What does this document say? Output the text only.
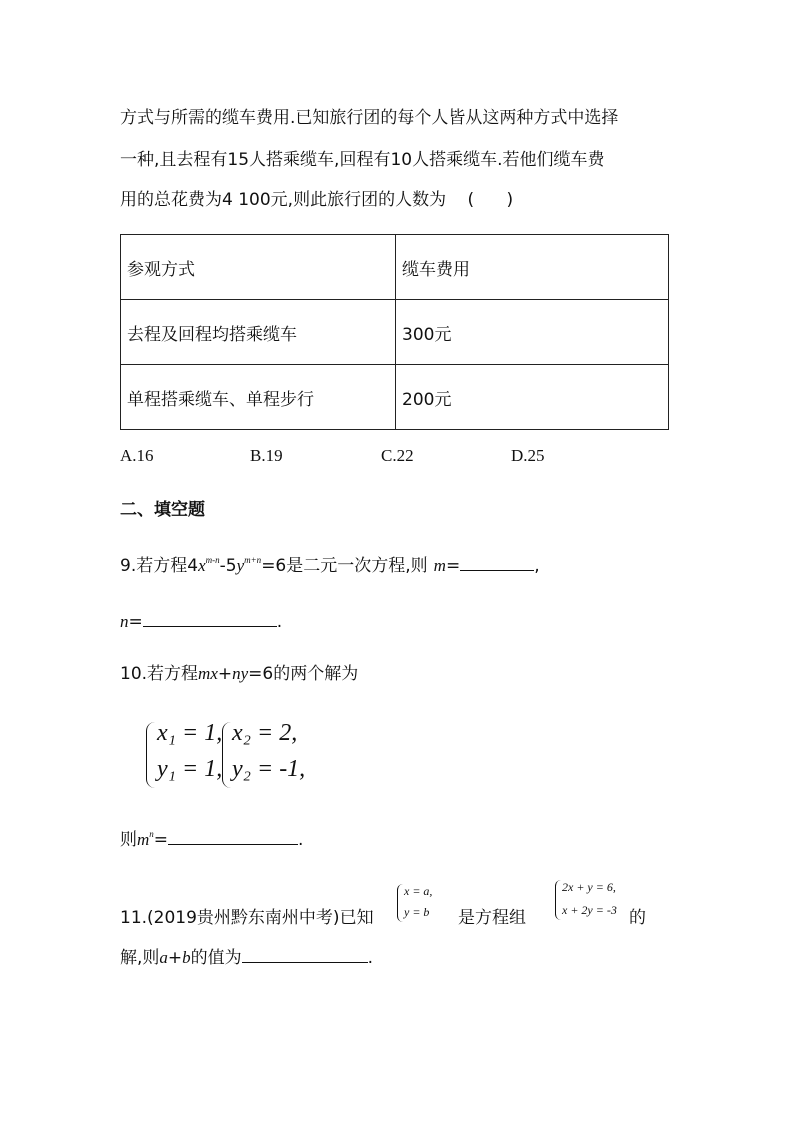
方式与所需的缆车费用.已知旅行团的每个人皆从这两种方式中选择
一种,且去程有15人搭乘缆车,回程有10人搭乘缆车.若他们缆车费
用的总花费为4 100元,则此旅行团的人数为 (      )
参观方式	缆车费用
去程及回程均搭乘缆车	300元
单程搭乘缆车、单程步行	200元
A.16	B.19	C.22	D.25
二、填空题
9.若方程$4x^{m-n}-5y^{m+n}=6$是二元一次方程,则 m=	,
n=	.
10.若方程mx+ny=6的两个解为
x₁ = 1,
y₁ = 1,
x₂ = 2,
y₂ = -1,
则$m^n=$	.
11.(2019贵州黔东南州中考)已知
x = a,
y = b 是方程组
2x + y = 6,
x + 2y = -3 的
解,则a+b的值为	.
